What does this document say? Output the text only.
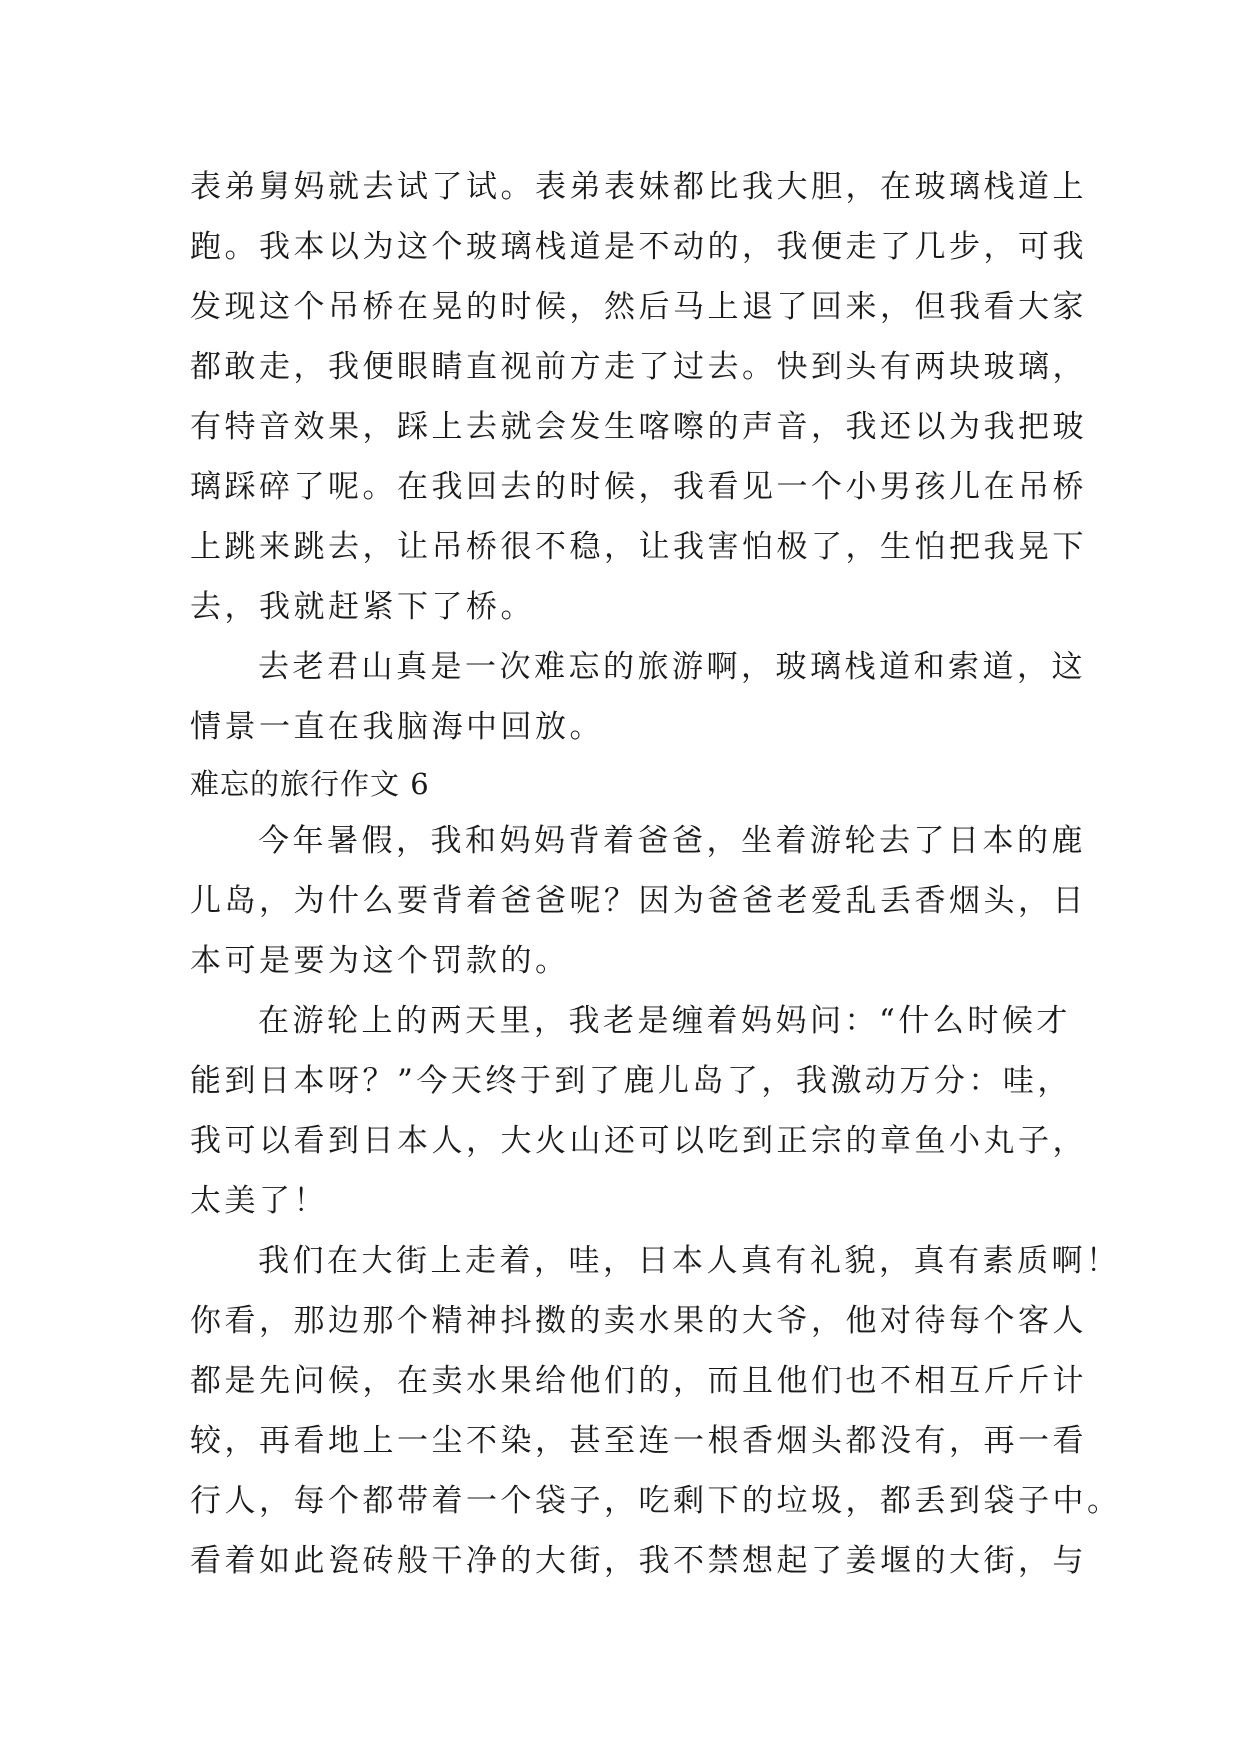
表弟舅妈就去试了试。表弟表妹都比我大胆，在玻璃栈道上
跑。我本以为这个玻璃栈道是不动的，我便走了几步，可我
发现这个吊桥在晃的时候，然后马上退了回来，但我看大家
都敢走，我便眼睛直视前方走了过去。快到头有两块玻璃，
有特音效果，踩上去就会发生喀嚓的声音，我还以为我把玻
璃踩碎了呢。在我回去的时候，我看见一个小男孩儿在吊桥
上跳来跳去，让吊桥很不稳，让我害怕极了，生怕把我晃下
去，我就赶紧下了桥。
去老君山真是一次难忘的旅游啊，玻璃栈道和索道，这
情景一直在我脑海中回放。
难忘的旅行作文 6
今年暑假，我和妈妈背着爸爸，坐着游轮去了日本的鹿
儿岛，为什么要背着爸爸呢？因为爸爸老爱乱丢香烟头，日
本可是要为这个罚款的。
在游轮上的两天里，我老是缠着妈妈问：“什么时候才
能到日本呀？”今天终于到了鹿儿岛了，我激动万分：哇，
我可以看到日本人，大火山还可以吃到正宗的章鱼小丸子，
太美了！
我们在大街上走着，哇，日本人真有礼貌，真有素质啊！
你看，那边那个精神抖擞的卖水果的大爷，他对待每个客人
都是先问候，在卖水果给他们的，而且他们也不相互斤斤计
较，再看地上一尘不染，甚至连一根香烟头都没有，再一看
行人，每个都带着一个袋子，吃剩下的垃圾，都丢到袋子中。
看着如此瓷砖般干净的大街，我不禁想起了姜堰的大街，与
